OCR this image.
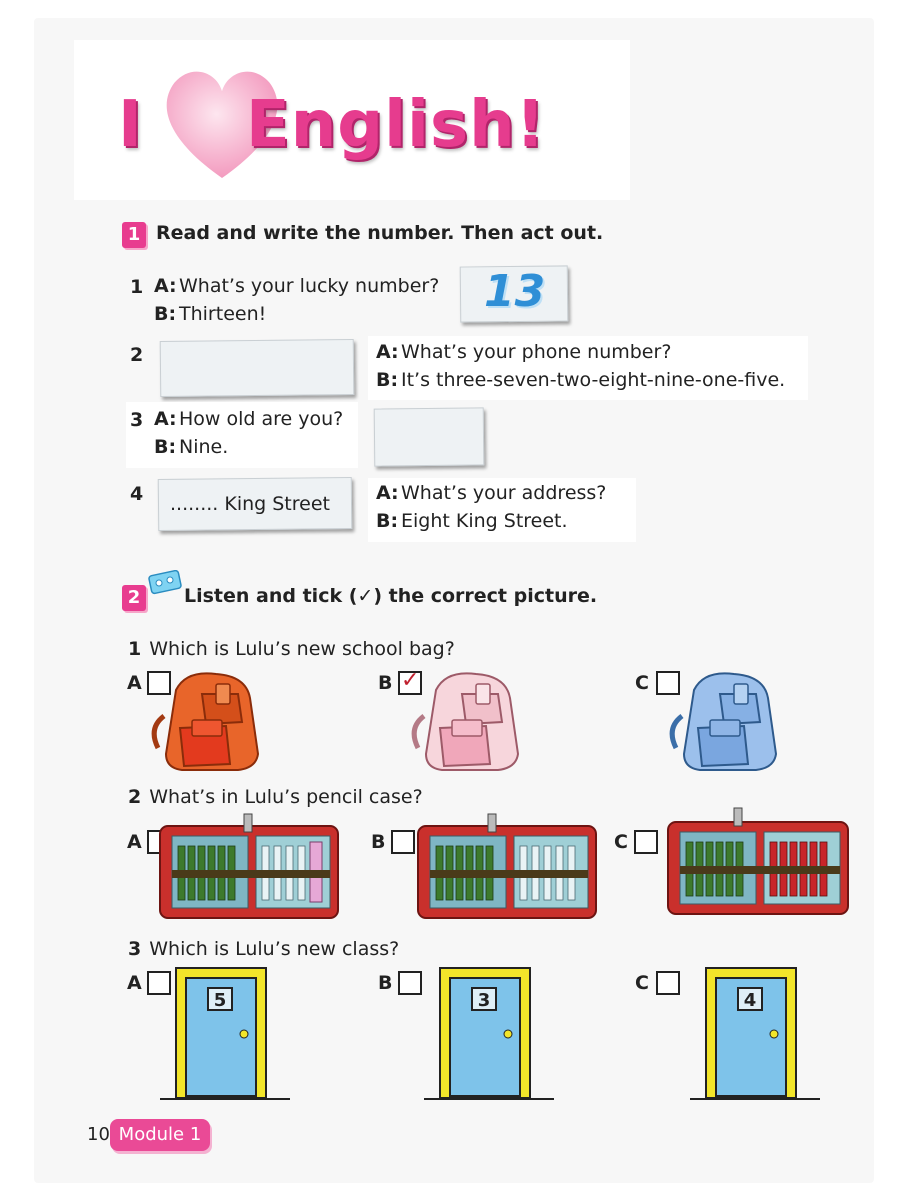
I English!
1 Read and write the number. Then act out.
1 A: What’s your lucky number?
B: Thirteen!	13
2	A: What’s your phone number?
B: It’s three-seven-two-eight-nine-one-five.
3 A: How old are you?
B: Nine.
4 ........ King Street A: What’s your address?
B: Eight King Street.
2	Listen and tick (✓) the correct picture.
1 Which is Lulu’s new school bag?
A	B ✓	C
2 What’s in Lulu’s pencil case?
A	B	C
3 Which is Lulu’s new class?
A	B	C
5	3	4
10 Module 1
